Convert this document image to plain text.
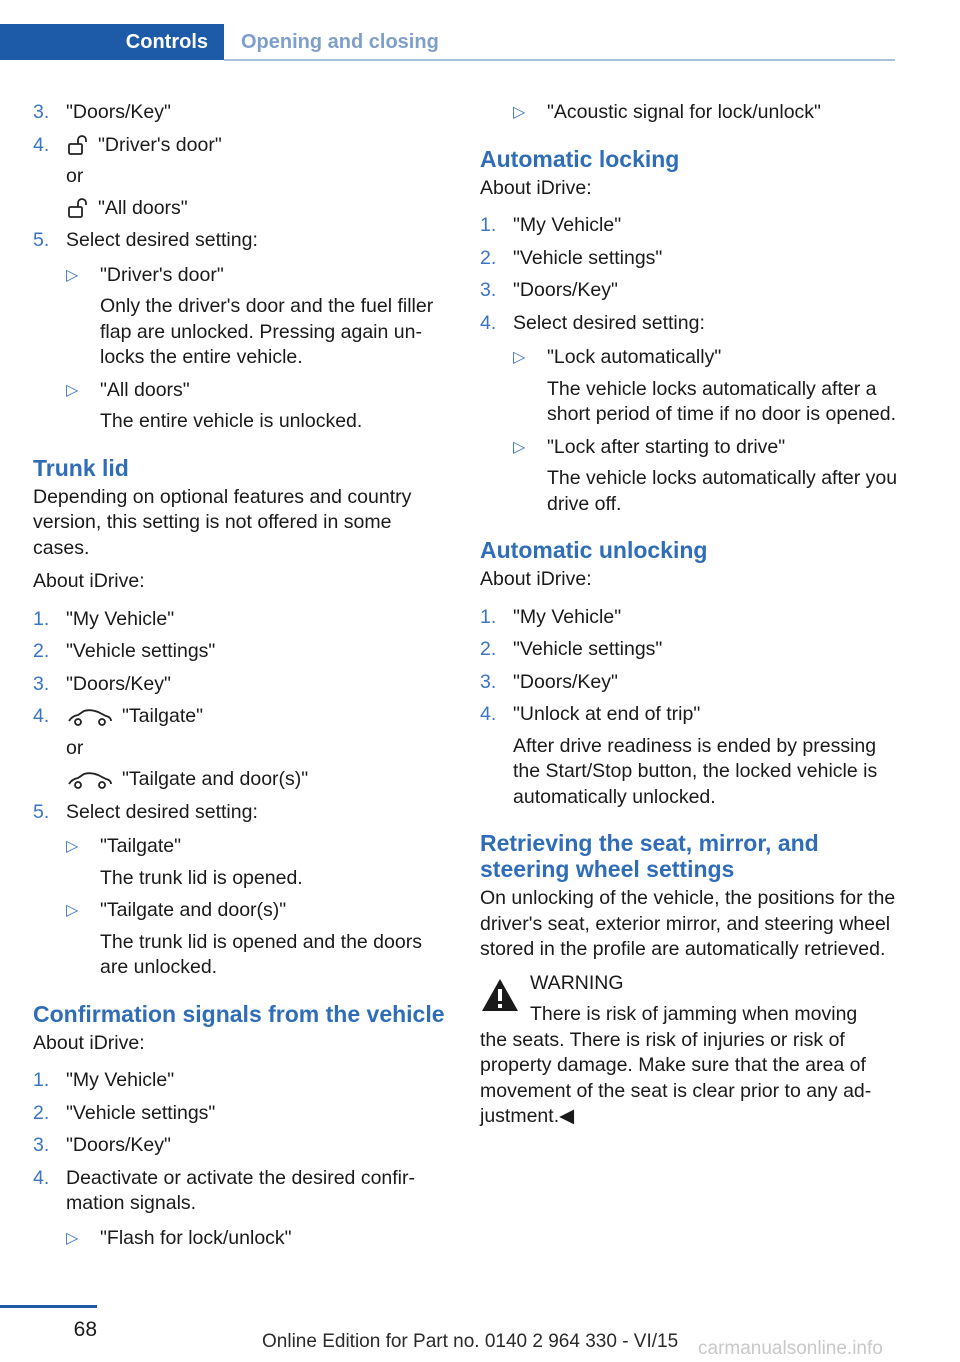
Controls	Opening and closing
3. "Doors/Key"
4. "Driver's door"
or
"All doors"
5. Select desired setting:
▷ "Driver's door"
Only the driver's door and the fuel filler flap are unlocked. Pressing again unlocks the entire vehicle.
▷ "All doors"
The entire vehicle is unlocked.
Trunk lid

Depending on optional features and country version, this setting is not offered in some cases.

About iDrive:

1. "My Vehicle"
2. "Vehicle settings"
3. "Doors/Key"
4.	"Tailgate"
or
"Tailgate and door(s)"
5. Select desired setting:
▷ "Tailgate"
The trunk lid is opened.
▷ "Tailgate and door(s)"
The trunk lid is opened and the doors are unlocked.
Confirmation signals from the vehicle

About iDrive:

1. "My Vehicle"
2. "Vehicle settings"
3. "Doors/Key"
4. Deactivate or activate the desired confirmation signals.
▷ "Flash for lock/unlock"
▷ "Acoustic signal for lock/unlock"
Automatic locking

About iDrive:

1. "My Vehicle"
2. "Vehicle settings"
3. "Doors/Key"
4. Select desired setting:
▷ "Lock automatically"
The vehicle locks automatically after a short period of time if no door is opened.
▷ "Lock after starting to drive"
The vehicle locks automatically after you drive off.
Automatic unlocking

About iDrive:

1. "My Vehicle"
2. "Vehicle settings"
3. "Doors/Key"
4. "Unlock at end of trip"
After drive readiness is ended by pressing the Start/Stop button, the locked vehicle is automatically unlocked.
Retrieving the seat, mirror, and steering wheel settings

On unlocking of the vehicle, the positions for the driver's seat, exterior mirror, and steering wheel stored in the profile are automatically retrieved.

WARNING
There is risk of jamming when moving
the seats. There is risk of injuries or risk of property damage. Make sure that the area of movement of the seat is clear prior to any adjustment.◀
68
Online Edition for Part no. 0140 2 964 330 - VI/15 carmanualsonline.info
